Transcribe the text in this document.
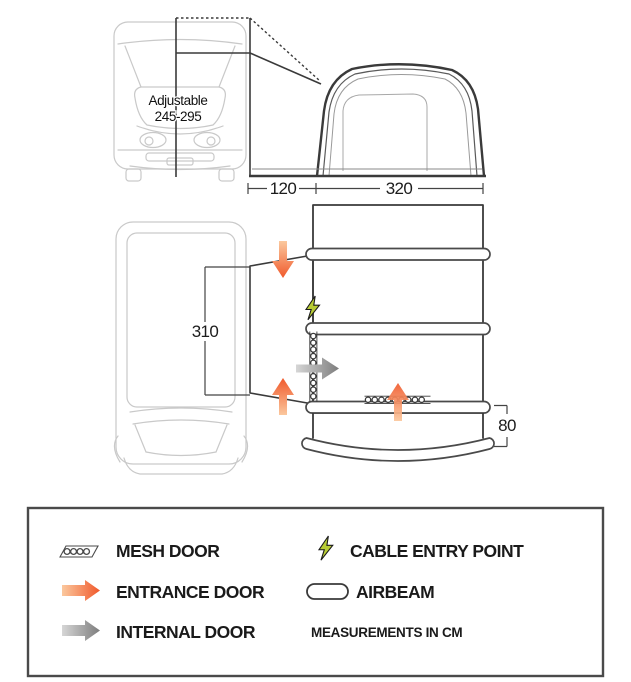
Adjustable
245-295
120	320
310
80
MESH DOOR	CABLE ENTRY POINT
ENTRANCE DOOR	AIRBEAM
INTERNAL DOOR	MEASUREMENTS IN CM
